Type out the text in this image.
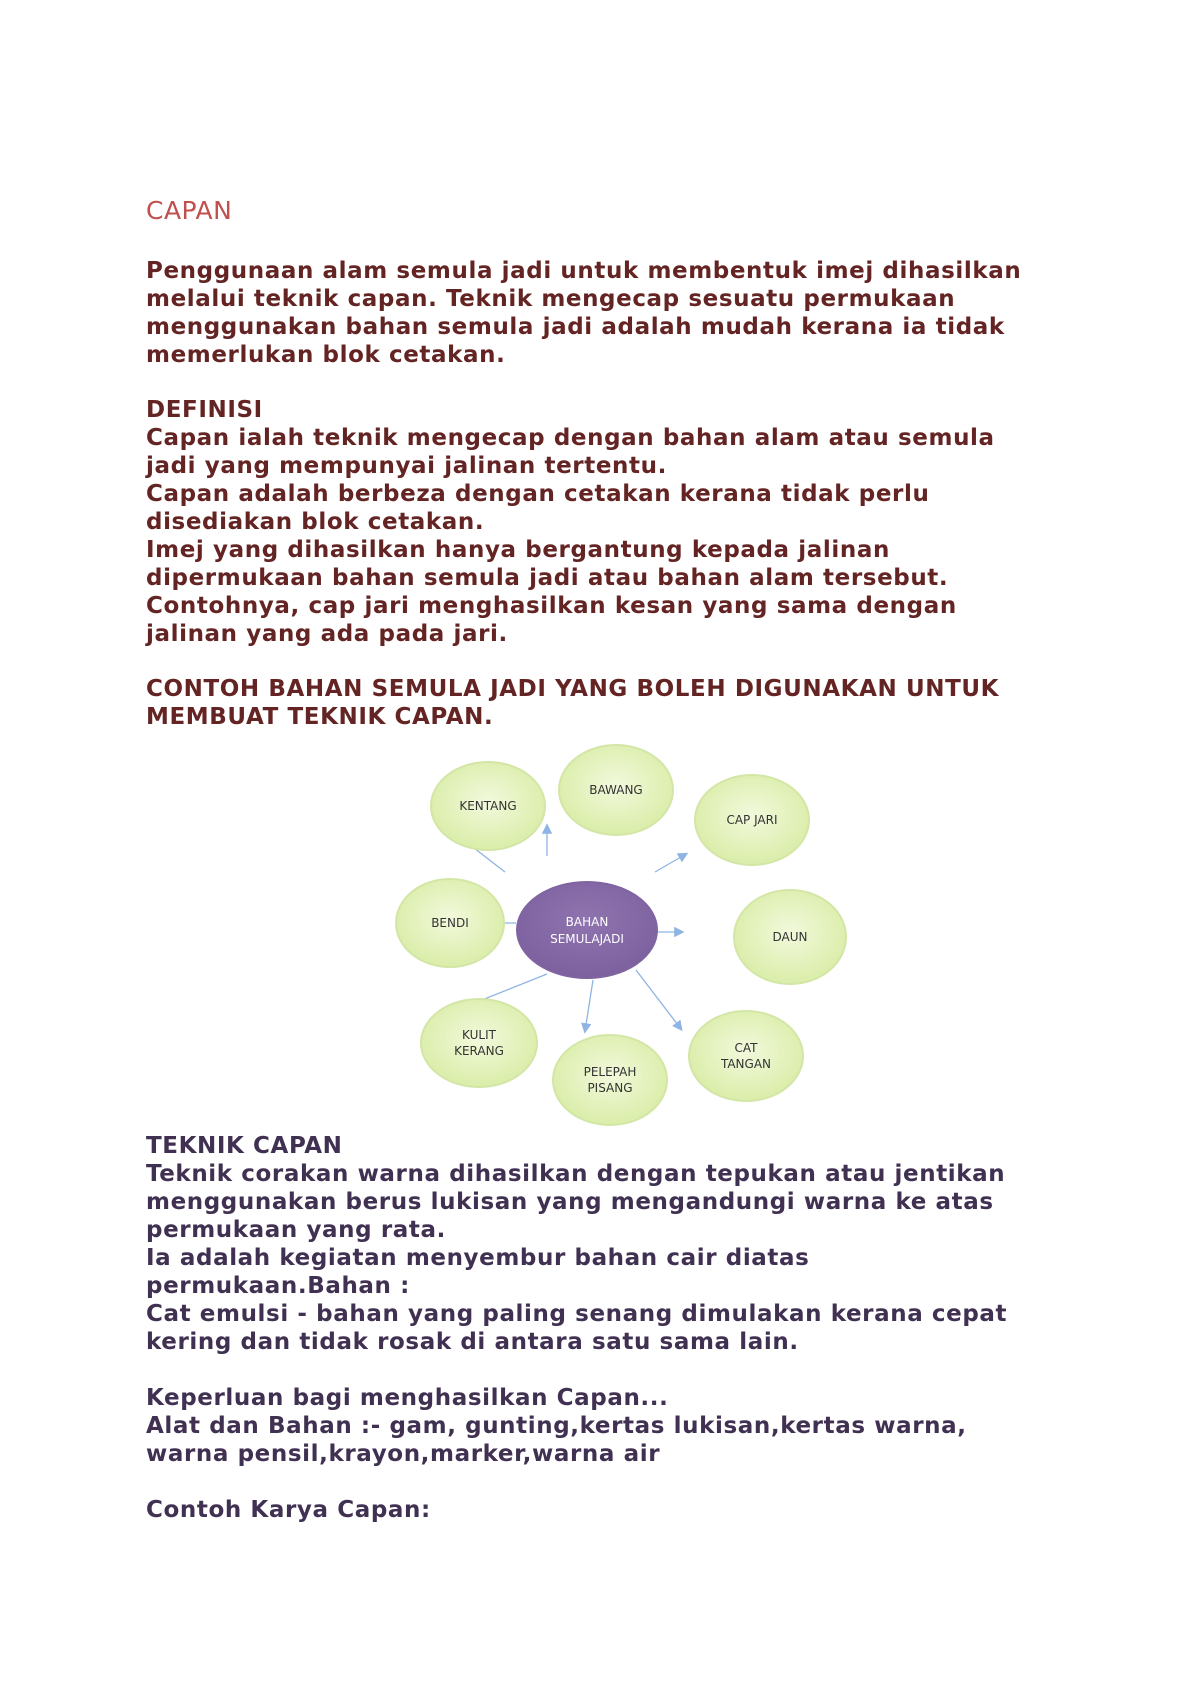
CAPAN

Penggunaan alam semula jadi untuk membentuk imej dihasilkan
melalui teknik capan. Teknik mengecap sesuatu permukaan
menggunakan bahan semula jadi adalah mudah kerana ia tidak
memerlukan blok cetakan.

DEFINISI

Capan ialah teknik mengecap dengan bahan alam atau semula
jadi yang mempunyai jalinan tertentu.
Capan adalah berbeza dengan cetakan kerana tidak perlu
disediakan blok cetakan.
Imej yang dihasilkan hanya bergantung kepada jalinan
dipermukaan bahan semula jadi atau bahan alam tersebut.
Contohnya, cap jari menghasilkan kesan yang sama dengan
jalinan yang ada pada jari.

CONTOH BAHAN SEMULA JADI YANG BOLEH DIGUNAKAN UNTUK
MEMBUAT TEKNIK CAPAN.

KENTANG
BAWANG
CAP JARI
BENDI
DAUN
KULIT
KERANG
PELEPAH
PISANG
CAT
TANGAN
BAHAN
SEMULAJADI

TEKNIK CAPAN

Teknik corakan warna dihasilkan dengan tepukan atau jentikan
menggunakan berus lukisan yang mengandungi warna ke atas
permukaan yang rata.
Ia adalah kegiatan menyembur bahan cair diatas
permukaan.Bahan :
Cat emulsi - bahan yang paling senang dimulakan kerana cepat
kering dan tidak rosak di antara satu sama lain.

Keperluan bagi menghasilkan Capan...

Alat dan Bahan :- gam, gunting,kertas lukisan,kertas warna,
warna pensil,krayon,marker,warna air

Contoh Karya Capan:
